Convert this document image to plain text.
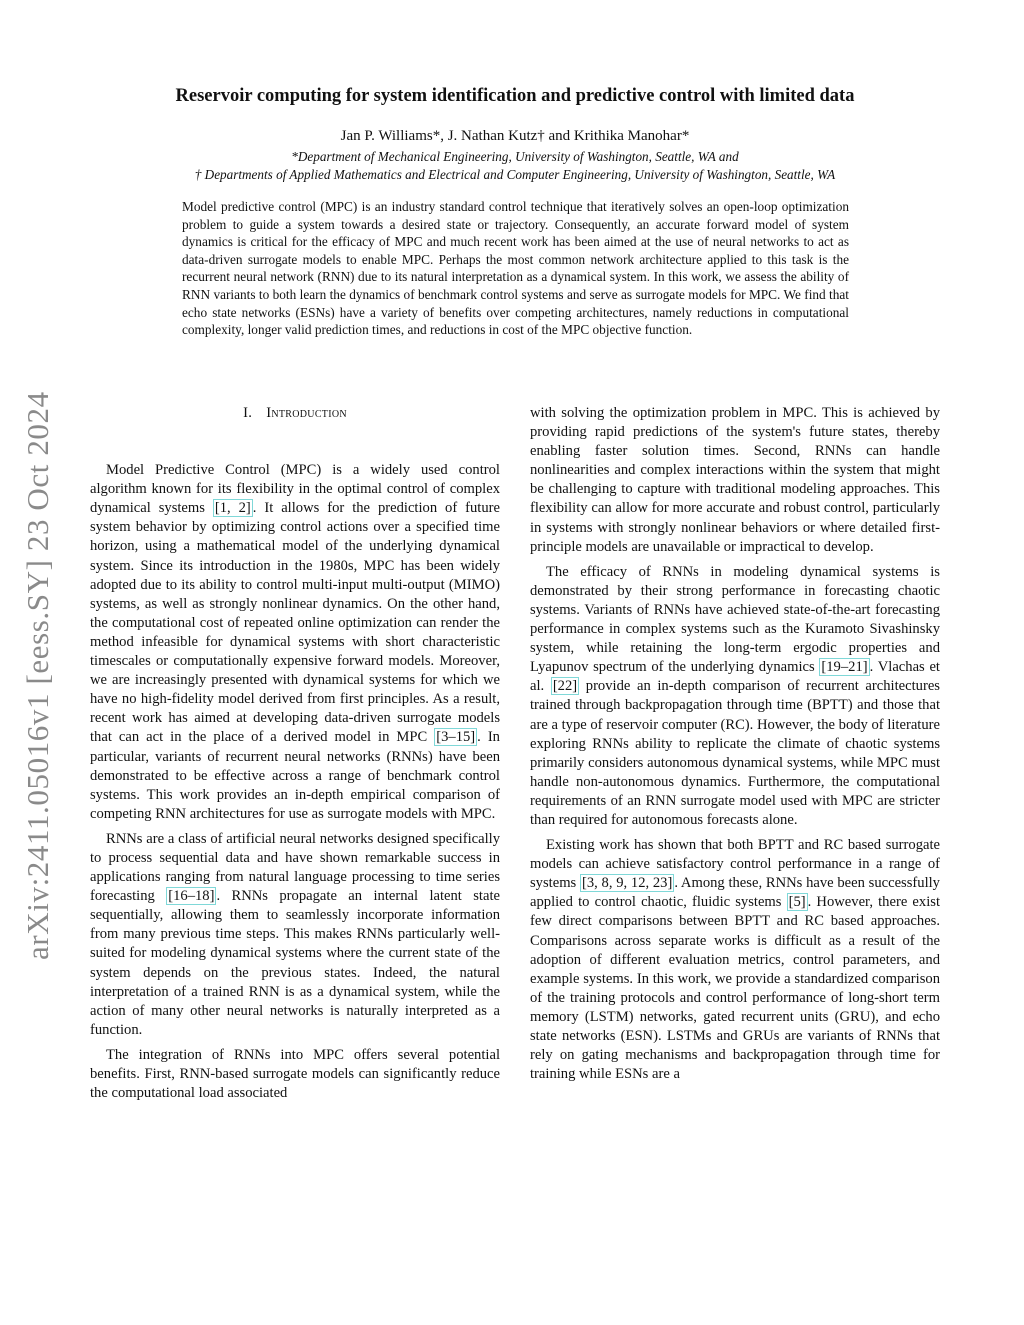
arXiv:2411.05016v1 [eess.SY] 23 Oct 2024
Reservoir computing for system identification and predictive control with limited data
Jan P. Williams*, J. Nathan Kutz† and Krithika Manohar*
*Department of Mechanical Engineering, University of Washington, Seattle, WA and
† Departments of Applied Mathematics and Electrical and Computer Engineering, University of Washington, Seattle, WA
Model predictive control (MPC) is an industry standard control technique that iteratively solves an open-loop optimization problem to guide a system towards a desired state or trajectory. Consequently, an accurate forward model of system dynamics is critical for the efficacy of MPC and much recent work has been aimed at the use of neural networks to act as data-driven surrogate models to enable MPC. Perhaps the most common network architecture applied to this task is the recurrent neural network (RNN) due to its natural interpretation as a dynamical system. In this work, we assess the ability of RNN variants to both learn the dynamics of benchmark control systems and serve as surrogate models for MPC. We find that echo state networks (ESNs) have a variety of benefits over competing architectures, namely reductions in computational complexity, longer valid prediction times, and reductions in cost of the MPC objective function.
I. Introduction

Model Predictive Control (MPC) is a widely used control algorithm known for its flexibility in the optimal control of complex dynamical systems [1, 2] . It allows for the prediction of future system behavior by optimizing control actions over a specified time horizon, using a mathematical model of the underlying dynamical system. Since its introduction in the 1980s, MPC has been widely adopted due to its ability to control multi-input multi-output (MIMO) systems, as well as strongly nonlinear dynamics. On the other hand, the computational cost of repeated online optimization can render the method infeasible for dynamical systems with short characteristic timescales or computationally expensive forward models. Moreover, we are increasingly presented with dynamical systems for which we have no high-fidelity model derived from first principles. As a result, recent work has aimed at developing data-driven surrogate models that can act in the place of a derived model in MPC [3–15] . In particular, variants of recurrent neural networks (RNNs) have been demonstrated to be effective across a range of benchmark control systems. This work provides an in-depth empirical comparison of competing RNN architectures for use as surrogate models with MPC.

RNNs are a class of artificial neural networks designed specifically to process sequential data and have shown remarkable success in applications ranging from natural language processing to time series forecasting [16–18] . RNNs propagate an internal latent state sequentially, allowing them to seamlessly incorporate information from many previous time steps. This makes RNNs particularly well-suited for modeling dynamical systems where the current state of the system depends on the previous states. Indeed, the natural interpretation of a trained RNN is as a dynamical system, while the action of many other neural networks is naturally interpreted as a function.

The integration of RNNs into MPC offers several potential benefits. First, RNN-based surrogate models can significantly reduce the computational load associated

with solving the optimization problem in MPC. This is achieved by providing rapid predictions of the system's future states, thereby enabling faster solution times. Second, RNNs can handle nonlinearities and complex interactions within the system that might be challenging to capture with traditional modeling approaches. This flexibility can allow for more accurate and robust control, particularly in systems with strongly nonlinear behaviors or where detailed first-principle models are unavailable or impractical to develop.

The efficacy of RNNs in modeling dynamical systems is demonstrated by their strong performance in forecasting chaotic systems. Variants of RNNs have achieved state-of-the-art forecasting performance in complex systems such as the Kuramoto Sivashinsky system, while retaining the long-term ergodic properties and Lyapunov spectrum of the underlying dynamics [19–21] . Vlachas et al. [22] provide an in-depth comparison of recurrent architectures trained through backpropagation through time (BPTT) and those that are a type of reservoir computer (RC). However, the body of literature exploring RNNs ability to replicate the climate of chaotic systems primarily considers autonomous dynamical systems, while MPC must handle non-autonomous dynamics. Furthermore, the computational requirements of an RNN surrogate model used with MPC are stricter than required for autonomous forecasts alone.

Existing work has shown that both BPTT and RC based surrogate models can achieve satisfactory control performance in a range of systems [3, 8, 9, 12, 23] . Among these, RNNs have been successfully applied to control chaotic, fluidic systems [5] . However, there exist few direct comparisons between BPTT and RC based approaches. Comparisons across separate works is difficult as a result of the adoption of different evaluation metrics, control parameters, and example systems. In this work, we provide a standardized comparison of the training protocols and control performance of long-short term memory (LSTM) networks, gated recurrent units (GRU), and echo state networks (ESN). LSTMs and GRUs are variants of RNNs that rely on gating mechanisms and backpropagation through time for training while ESNs are a
